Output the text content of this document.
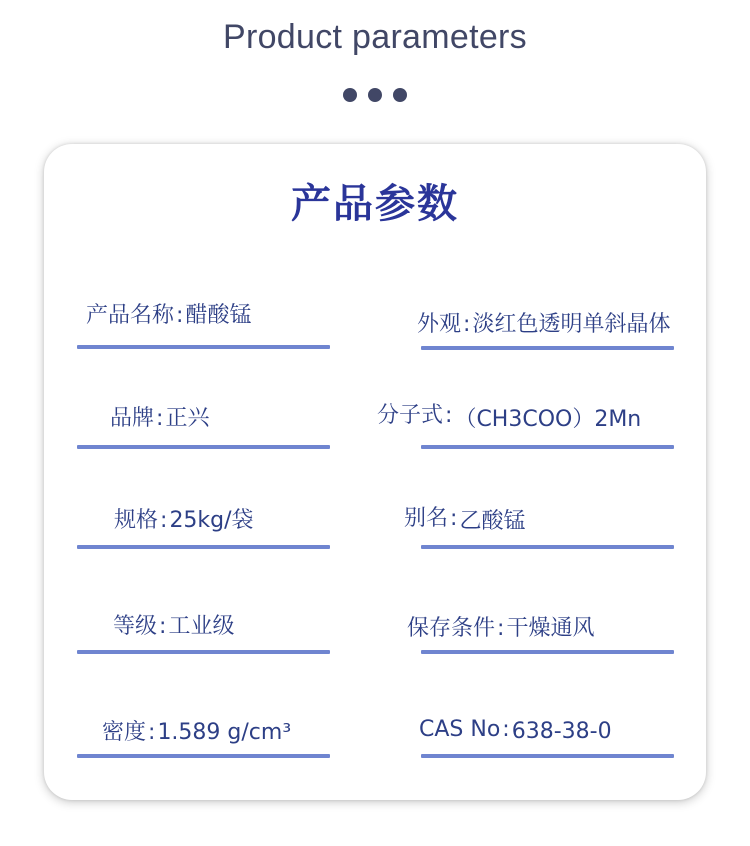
Product parameters
产品参数
产品名称:醋酸锰	外观:淡红色透明单斜晶体
品牌:正兴	分子式:（CH3COO）2Mn
规格:25kg/袋	别名:乙酸锰
等级:工业级	保存条件:干燥通风
密度:1.589 g/cm³	CAS No:638-38-0
